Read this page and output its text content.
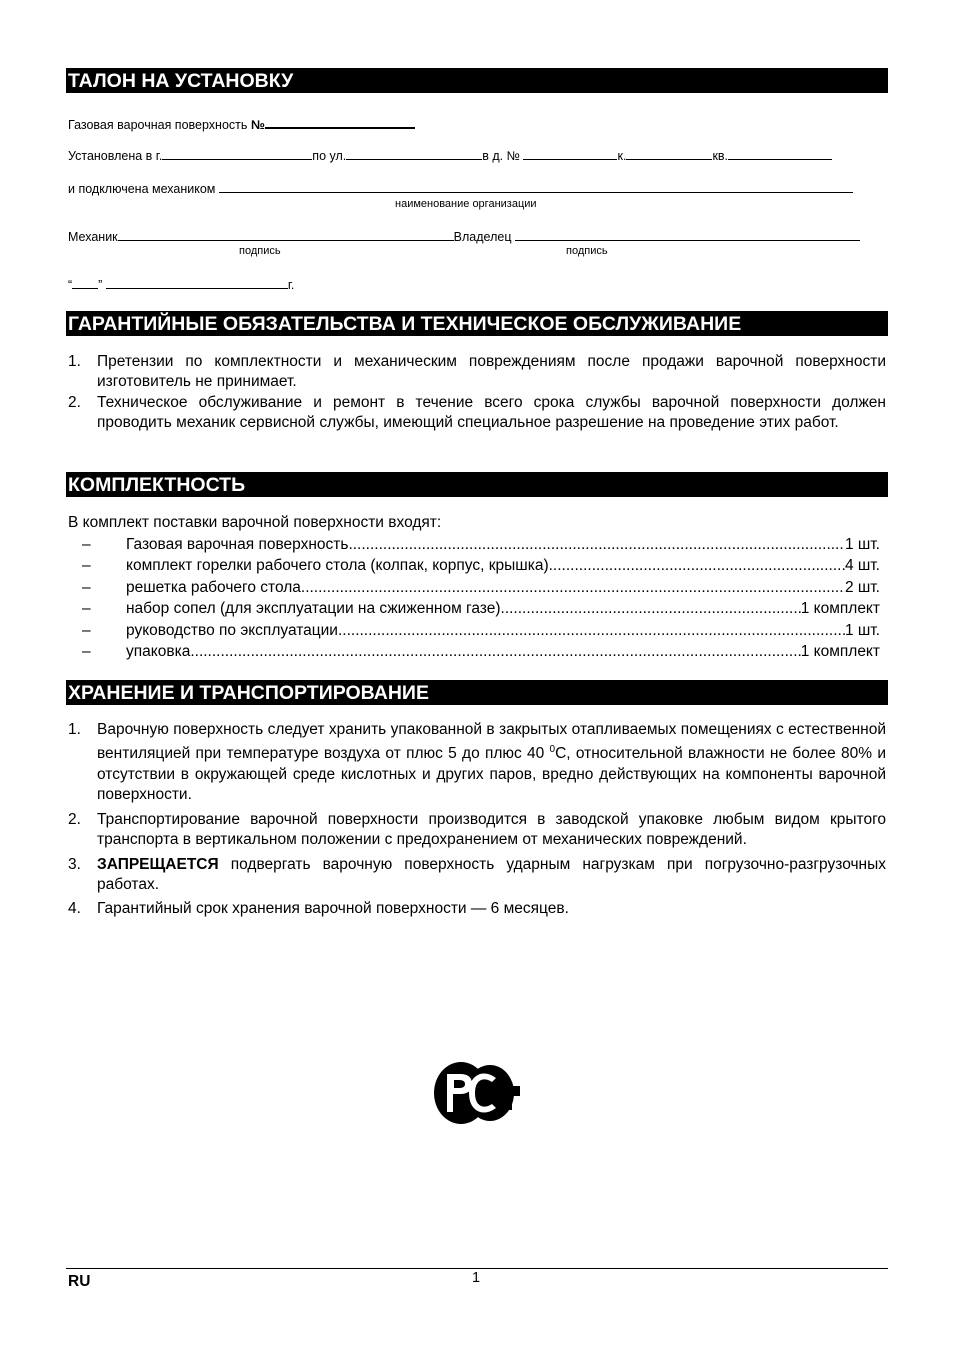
ТАЛОН НА УСТАНОВКУ
Газовая варочная поверхность №
Установлена в г.	по ул.	в д. №	к.	кв.
и подключена механиком
наименование организации
Механик	Владелец
подпись	подпись
“ ”	г.
ГАРАНТИЙНЫЕ ОБЯЗАТЕЛЬСТВА И ТЕХНИЧЕСКОЕ ОБСЛУЖИВАНИЕ
1. Претензии по комплектности и механическим повреждениям после продажи варочной поверхности изготовитель не принимает.
2. Техническое обслуживание и ремонт в течение всего срока службы варочной поверхности должен проводить механик сервисной службы, имеющий специальное разрешение на проведение этих работ.
КОМПЛЕКТНОСТЬ
В комплект поставки варочной поверхности входят:
–	Газовая варочная поверхность .....	1 шт.
–	комплект горелки рабочего стола (колпак, корпус, крышка) .....	4 шт.
–	решетка рабочего стола .....	2 шт.
–	набор сопел (для эксплуатации на сжиженном газе) .....	1 комплект
–	руководство по эксплуатации .....	1 шт.
–	упаковка .....	1 комплект
ХРАНЕНИЕ И ТРАНСПОРТИРОВАНИЕ
1. Варочную поверхность следует хранить упакованной в закрытых отапливаемых помещениях с естественной вентиляцией при температуре воздуха от плюс 5 до плюс 40 $^0$С, относительной влажности не более 80% и отсутствии в окружающей среде кислотных и других паров, вредно действующих на компоненты варочной поверхности.
2. Транспортирование варочной поверхности производится в заводской упаковке любым видом крытого транспорта в вертикальном положении с предохранением от механических повреждений.
3. ЗАПРЕЩАЕТСЯ подвергать варочную поверхность ударным нагрузкам при погрузочно-разгрузочных работах.
4. Гарантийный срок хранения варочной поверхности — 6 месяцев.
RU	1
